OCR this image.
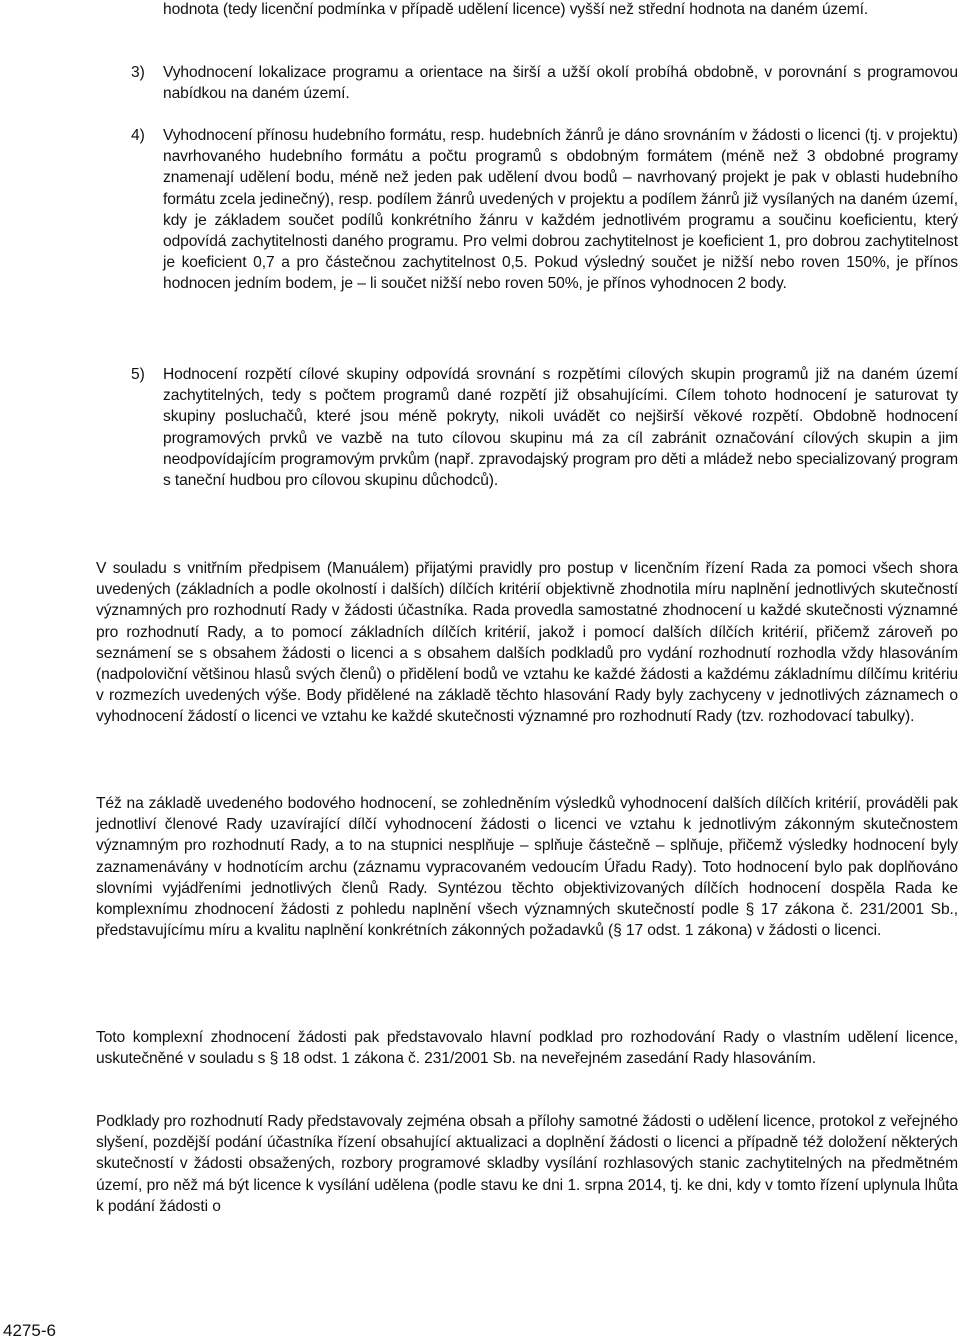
hodnota (tedy licenční podmínka v případě udělení licence) vyšší než střední hodnota na daném území.

3) Vyhodnocení lokalizace programu a orientace na širší a užší okolí probíhá obdobně, v porovnání s programovou nabídkou na daném území.

4) Vyhodnocení přínosu hudebního formátu, resp. hudebních žánrů je dáno srovnáním v žádosti o licenci (tj. v projektu) navrhovaného hudebního formátu a počtu programů s obdobným formátem (méně než 3 obdobné programy znamenají udělení bodu, méně než jeden pak udělení dvou bodů – navrhovaný projekt je pak v oblasti hudebního formátu zcela jedinečný), resp. podílem žánrů uvedených v projektu a podílem žánrů již vysílaných na daném území, kdy je základem součet podílů konkrétního žánru v každém jednotlivém programu a součinu koeficientu, který odpovídá zachytitelnosti daného programu. Pro velmi dobrou zachytitelnost je koeficient 1, pro dobrou zachytitelnost je koeficient 0,7 a pro částečnou zachytitelnost 0,5. Pokud výsledný součet je nižší nebo roven 150%, je přínos hodnocen jedním bodem, je – li součet nižší nebo roven 50%, je přínos vyhodnocen 2 body.

5) Hodnocení rozpětí cílové skupiny odpovídá srovnání s rozpětími cílových skupin programů již na daném území zachytitelných, tedy s počtem programů dané rozpětí již obsahujícími. Cílem tohoto hodnocení je saturovat ty skupiny posluchačů, které jsou méně pokryty, nikoli uvádět co nejširší věkové rozpětí. Obdobně hodnocení programových prvků ve vazbě na tuto cílovou skupinu má za cíl zabránit označování cílových skupin a jim neodpovídajícím programovým prvkům (např. zpravodajský program pro děti a mládež nebo specializovaný program s taneční hudbou pro cílovou skupinu důchodců).

V souladu s vnitřním předpisem (Manuálem) přijatými pravidly pro postup v licenčním řízení Rada za pomoci všech shora uvedených (základních a podle okolností i dalších) dílčích kritérií objektivně zhodnotila míru naplnění jednotlivých skutečností významných pro rozhodnutí Rady v žádosti účastníka. Rada provedla samostatné zhodnocení u každé skutečnosti významné pro rozhodnutí Rady, a to pomocí základních dílčích kritérií, jakož i pomocí dalších dílčích kritérií, přičemž zároveň po seznámení se s obsahem žádosti o licenci a s obsahem dalších podkladů pro vydání rozhodnutí rozhodla vždy hlasováním (nadpoloviční většinou hlasů svých členů) o přidělení bodů ve vztahu ke každé žádosti a každému základnímu dílčímu kritériu v rozmezích uvedených výše. Body přidělené na základě těchto hlasování Rady byly zachyceny v jednotlivých záznamech o vyhodnocení žádostí o licenci ve vztahu ke každé skutečnosti významné pro rozhodnutí Rady (tzv. rozhodovací tabulky).

Též na základě uvedeného bodového hodnocení, se zohledněním výsledků vyhodnocení dalších dílčích kritérií, prováděli pak jednotliví členové Rady uzavírající dílčí vyhodnocení žádosti o licenci ve vztahu k jednotlivým zákonným skutečnostem významným pro rozhodnutí Rady, a to na stupnici nesplňuje – splňuje částečně – splňuje, přičemž výsledky hodnocení byly zaznamenávány v hodnotícím archu (záznamu vypracovaném vedoucím Úřadu Rady). Toto hodnocení bylo pak doplňováno slovními vyjádřeními jednotlivých členů Rady. Syntézou těchto objektivizovaných dílčích hodnocení dospěla Rada ke komplexnímu zhodnocení žádosti z pohledu naplnění všech významných skutečností podle § 17 zákona č. 231/2001 Sb., představujícímu míru a kvalitu naplnění konkrétních zákonných požadavků (§ 17 odst. 1 zákona) v žádosti o licenci.

Toto komplexní zhodnocení žádosti pak představovalo hlavní podklad pro rozhodování Rady o vlastním udělení licence, uskutečněné v souladu s § 18 odst. 1 zákona č. 231/2001 Sb. na neveřejném zasedání Rady hlasováním.

Podklady pro rozhodnutí Rady představovaly zejména obsah a přílohy samotné žádosti o udělení licence, protokol z veřejného slyšení, pozdější podání účastníka řízení obsahující aktualizaci a doplnění žádosti o licenci a případně též doložení některých skutečností v žádosti obsažených, rozbory programové skladby vysílání rozhlasových stanic zachytitelných na předmětném území, pro něž má být licence k vysílání udělena (podle stavu ke dni 1. srpna 2014, tj. ke dni, kdy v tomto řízení uplynula lhůta k podání žádosti o

4275-6
